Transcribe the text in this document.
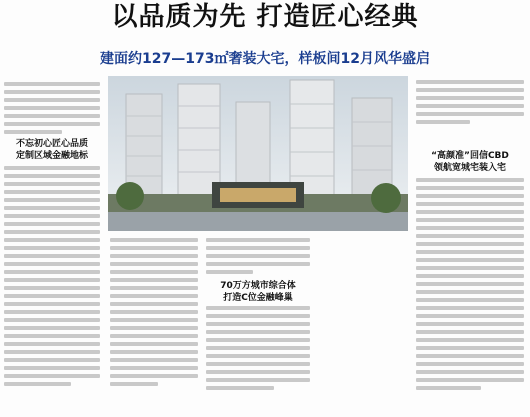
以品质为先 打造匠心经典
建面约127—173㎡奢装大宅，样板间12月风华盛启
不忘初心匠心品质
定制区域金融地标
70万方城市综合体
打造C位金融峰巢
“高颜准”回信CBD
领航宽城宅装入宅
